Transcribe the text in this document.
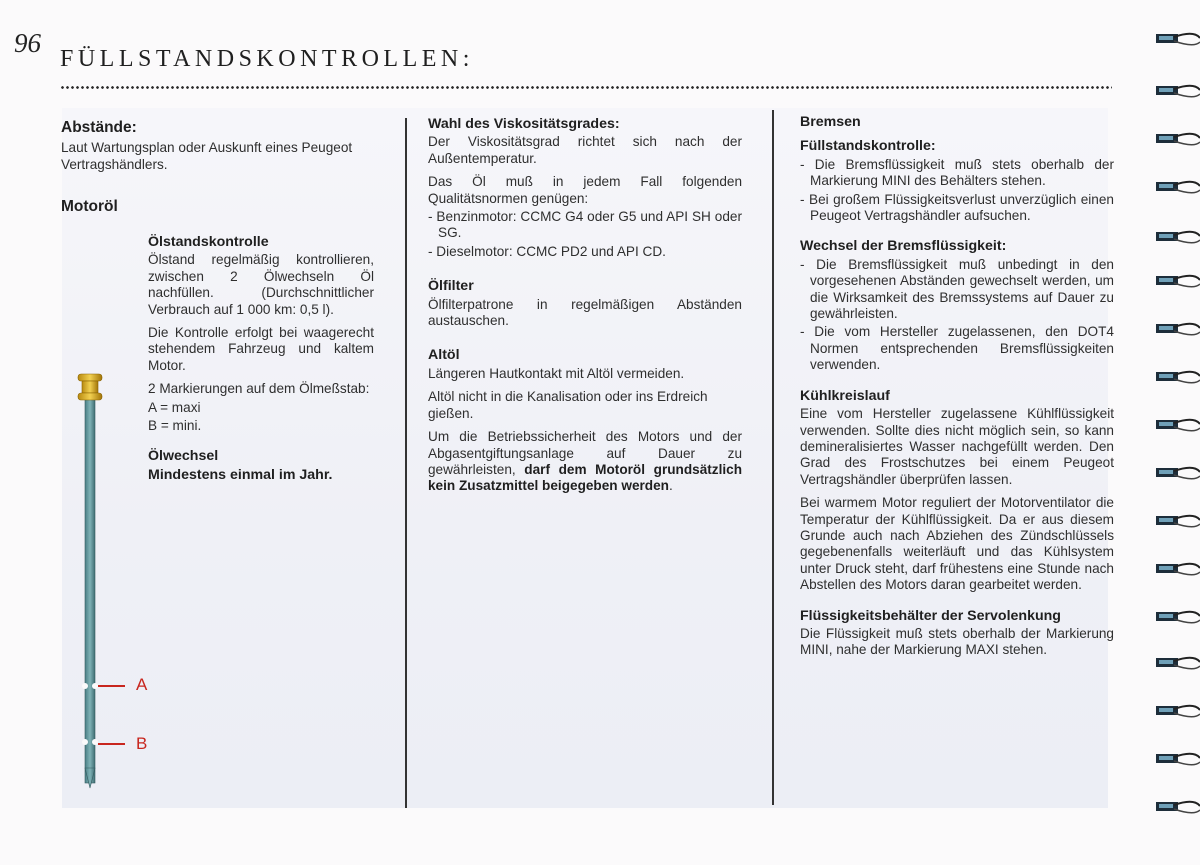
96
FÜLLSTANDSKONTROLLEN:
Abstände:

Laut Wartungsplan oder Auskunft eines Peugeot Vertragshändlers.

Motoröl
Ölstandskontrolle

Ölstand regelmäßig kontrollieren, zwischen 2 Ölwechseln Öl nachfüllen. (Durchschnittlicher Verbrauch auf 1 000 km: 0,5 l).

Die Kontrolle erfolgt bei waagerecht stehendem Fahrzeug und kaltem Motor.

2 Markierungen auf dem Ölmeßstab:

A = maxi
B = mini.
Ölwechsel
Mindestens einmal im Jahr.
A
B
Wahl des Viskositätsgrades:

Der Viskositätsgrad richtet sich nach der Außentemperatur.

Das Öl muß in jedem Fall folgenden Qualitätsnormen genügen:

- Benzinmotor: CCMC G4 oder G5 und API SH oder SG.

- Dieselmotor: CCMC PD2 und API CD.

Ölfilter

Ölfilterpatrone in regelmäßigen Abständen austauschen.

Altöl

Längeren Hautkontakt mit Altöl vermeiden.

Altöl nicht in die Kanalisation oder ins Erdreich gießen.

Um die Betriebssicherheit des Motors und der Abgasentgiftungsanlage auf Dauer zu gewährleisten, darf dem Motoröl grundsätzlich kein Zusatzmittel beigegeben werden.

Bremsen
Füllstandskontrolle:

- Die Bremsflüssigkeit muß stets oberhalb der Markierung MINI des Behälters stehen.

- Bei großem Flüssigkeitsverlust unverzüglich einen Peugeot Vertragshändler aufsuchen.

Wechsel der Bremsflüssigkeit:

- Die Bremsflüssigkeit muß unbedingt in den vorgesehenen Abständen gewechselt werden, um die Wirksamkeit des Bremssystems auf Dauer zu gewährleisten.

- Die vom Hersteller zugelassenen, den DOT4 Normen entsprechenden Bremsflüssigkeiten verwenden.

Kühlkreislauf

Eine vom Hersteller zugelassene Kühlflüssigkeit verwenden. Sollte dies nicht möglich sein, so kann demineralisiertes Wasser nachgefüllt werden. Den Grad des Frostschutzes bei einem Peugeot Vertragshändler überprüfen lassen.

Bei warmem Motor reguliert der Motorventilator die Temperatur der Kühlflüssigkeit. Da er aus diesem Grunde auch nach Abziehen des Zündschlüssels gegebenenfalls weiterläuft und das Kühlsystem unter Druck steht, darf frühestens eine Stunde nach Abstellen des Motors daran gearbeitet werden.

Flüssigkeitsbehälter der Servolenkung

Die Flüssigkeit muß stets oberhalb der Markierung MINI, nahe der Markierung MAXI stehen.
